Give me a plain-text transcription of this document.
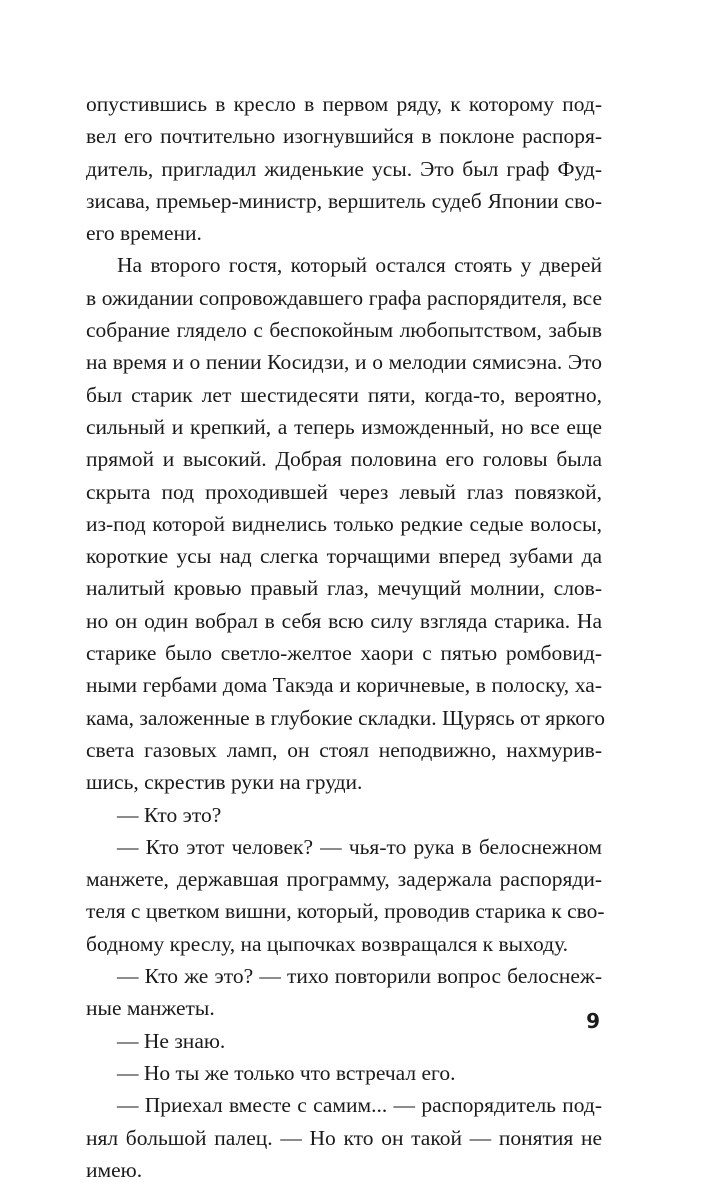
опустившись в кресло в первом ряду, к которому под-
вел его почтительно изогнувшийся в поклоне распоря-
дитель, пригладил жиденькие усы. Это был граф Фуд-
зисава, премьер-министр, вершитель судеб Японии сво-
его времени.
На второго гостя, который остался стоять у дверей
в ожидании сопровождавшего графа распорядителя, все
собрание глядело с беспокойным любопытством, забыв
на время и о пении Косидзи, и о мелодии сямисэна. Это
был старик лет шестидесяти пяти, когда-то, вероятно,
сильный и крепкий, а теперь изможденный, но все еще
прямой и высокий. Добрая половина его головы была
скрыта под проходившей через левый глаз повязкой,
из-под которой виднелись только редкие седые волосы,
короткие усы над слегка торчащими вперед зубами да
налитый кровью правый глаз, мечущий молнии, слов-
но он один вобрал в себя всю силу взгляда старика. На
старике было светло-желтое хаори с пятью ромбовид-
ными гербами дома Такэда и коричневые, в полоску, ха-
кама, заложенные в глубокие складки. Щурясь от яркого
света газовых ламп, он стоял неподвижно, нахмурив-
шись, скрестив руки на груди.
— Кто это?
— Кто этот человек? — чья-то рука в белоснежном
манжете, державшая программу, задержала распоряди-
теля с цветком вишни, который, проводив старика к сво-
бодному креслу, на цыпочках возвращался к выходу.
— Кто же это? — тихо повторили вопрос белоснеж-
ные манжеты.
— Не знаю.
— Но ты же только что встречал его.
— Приехал вместе с самим... — распорядитель под-
нял большой палец. — Но кто он такой — понятия не
имею.
9
